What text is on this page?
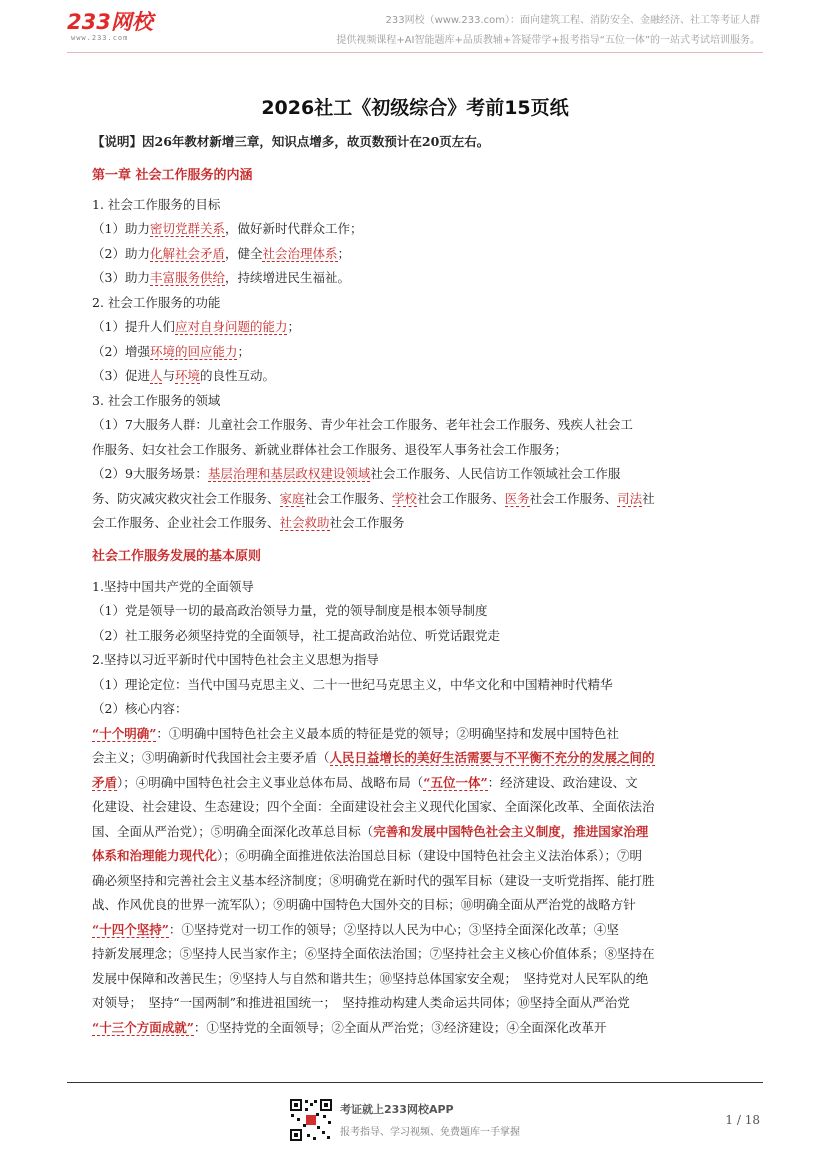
233网校
www.233.com
233网校（www.233.com）：面向建筑工程、消防安全、金融经济、社工等考证人群
提供视频课程+AI智能题库+品质教辅+答疑带学+报考指导“五位一体”的一站式考试培训服务。
2026社工《初级综合》考前15页纸
【说明】因26年教材新增三章，知识点增多，故页数预计在20页左右。
第一章 社会工作服务的内涵
1. 社会工作服务的目标
（1）助力密切党群关系，做好新时代群众工作；
（2）助力化解社会矛盾，健全社会治理体系；
（3）助力丰富服务供给，持续增进民生福祉。
2. 社会工作服务的功能
（1）提升人们应对自身问题的能力；
（2）增强环境的回应能力；
（3）促进人与环境的良性互动。
3. 社会工作服务的领域
（1）7大服务人群：儿童社会工作服务、青少年社会工作服务、老年社会工作服务、残疾人社会工
作服务、妇女社会工作服务、新就业群体社会工作服务、退役军人事务社会工作服务；
（2）9大服务场景：基层治理和基层政权建设领域社会工作服务、人民信访工作领域社会工作服
务、防灾减灾救灾社会工作服务、家庭社会工作服务、学校社会工作服务、医务社会工作服务、司法社
会工作服务、企业社会工作服务、社会救助社会工作服务
社会工作服务发展的基本原则
1.坚持中国共产党的全面领导
（1）党是领导一切的最高政治领导力量，党的领导制度是根本领导制度
（2）社工服务必须坚持党的全面领导，社工提高政治站位、听党话跟党走
2.坚持以习近平新时代中国特色社会主义思想为指导
（1）理论定位：当代中国马克思主义、二十一世纪马克思主义，中华文化和中国精神时代精华
（2）核心内容：
“十个明确”：①明确中国特色社会主义最本质的特征是党的领导；②明确坚持和发展中国特色社
会主义；③明确新时代我国社会主要矛盾（人民日益增长的美好生活需要与不平衡不充分的发展之间的
矛盾）；④明确中国特色社会主义事业总体布局、战略布局（“五位一体”：经济建设、政治建设、文
化建设、社会建设、生态建设；四个全面：全面建设社会主义现代化国家、全面深化改革、全面依法治
国、全面从严治党）；⑤明确全面深化改革总目标（完善和发展中国特色社会主义制度，推进国家治理
体系和治理能力现代化）；⑥明确全面推进依法治国总目标（建设中国特色社会主义法治体系）；⑦明
确必须坚持和完善社会主义基本经济制度；⑧明确党在新时代的强军目标（建设一支听党指挥、能打胜
战、作风优良的世界一流军队）；⑨明确中国特色大国外交的目标；⑩明确全面从严治党的战略方针
“十四个坚持”：①坚持党对一切工作的领导；②坚持以人民为中心；③坚持全面深化改革；④坚
持新发展理念；⑤坚持人民当家作主；⑥坚持全面依法治国；⑦坚持社会主义核心价值体系；⑧坚持在
发展中保障和改善民生；⑨坚持人与自然和谐共生；⑩坚持总体国家安全观；　坚持党对人民军队的绝
对领导；　坚持“一国两制”和推进祖国统一；　坚持推动构建人类命运共同体；⑩坚持全面从严治党
“十三个方面成就”：①坚持党的全面领导；②全面从严治党；③经济建设；④全面深化改革开
考证就上233网校APP
报考指导、学习视频、免费题库一手掌握
1 / 18
